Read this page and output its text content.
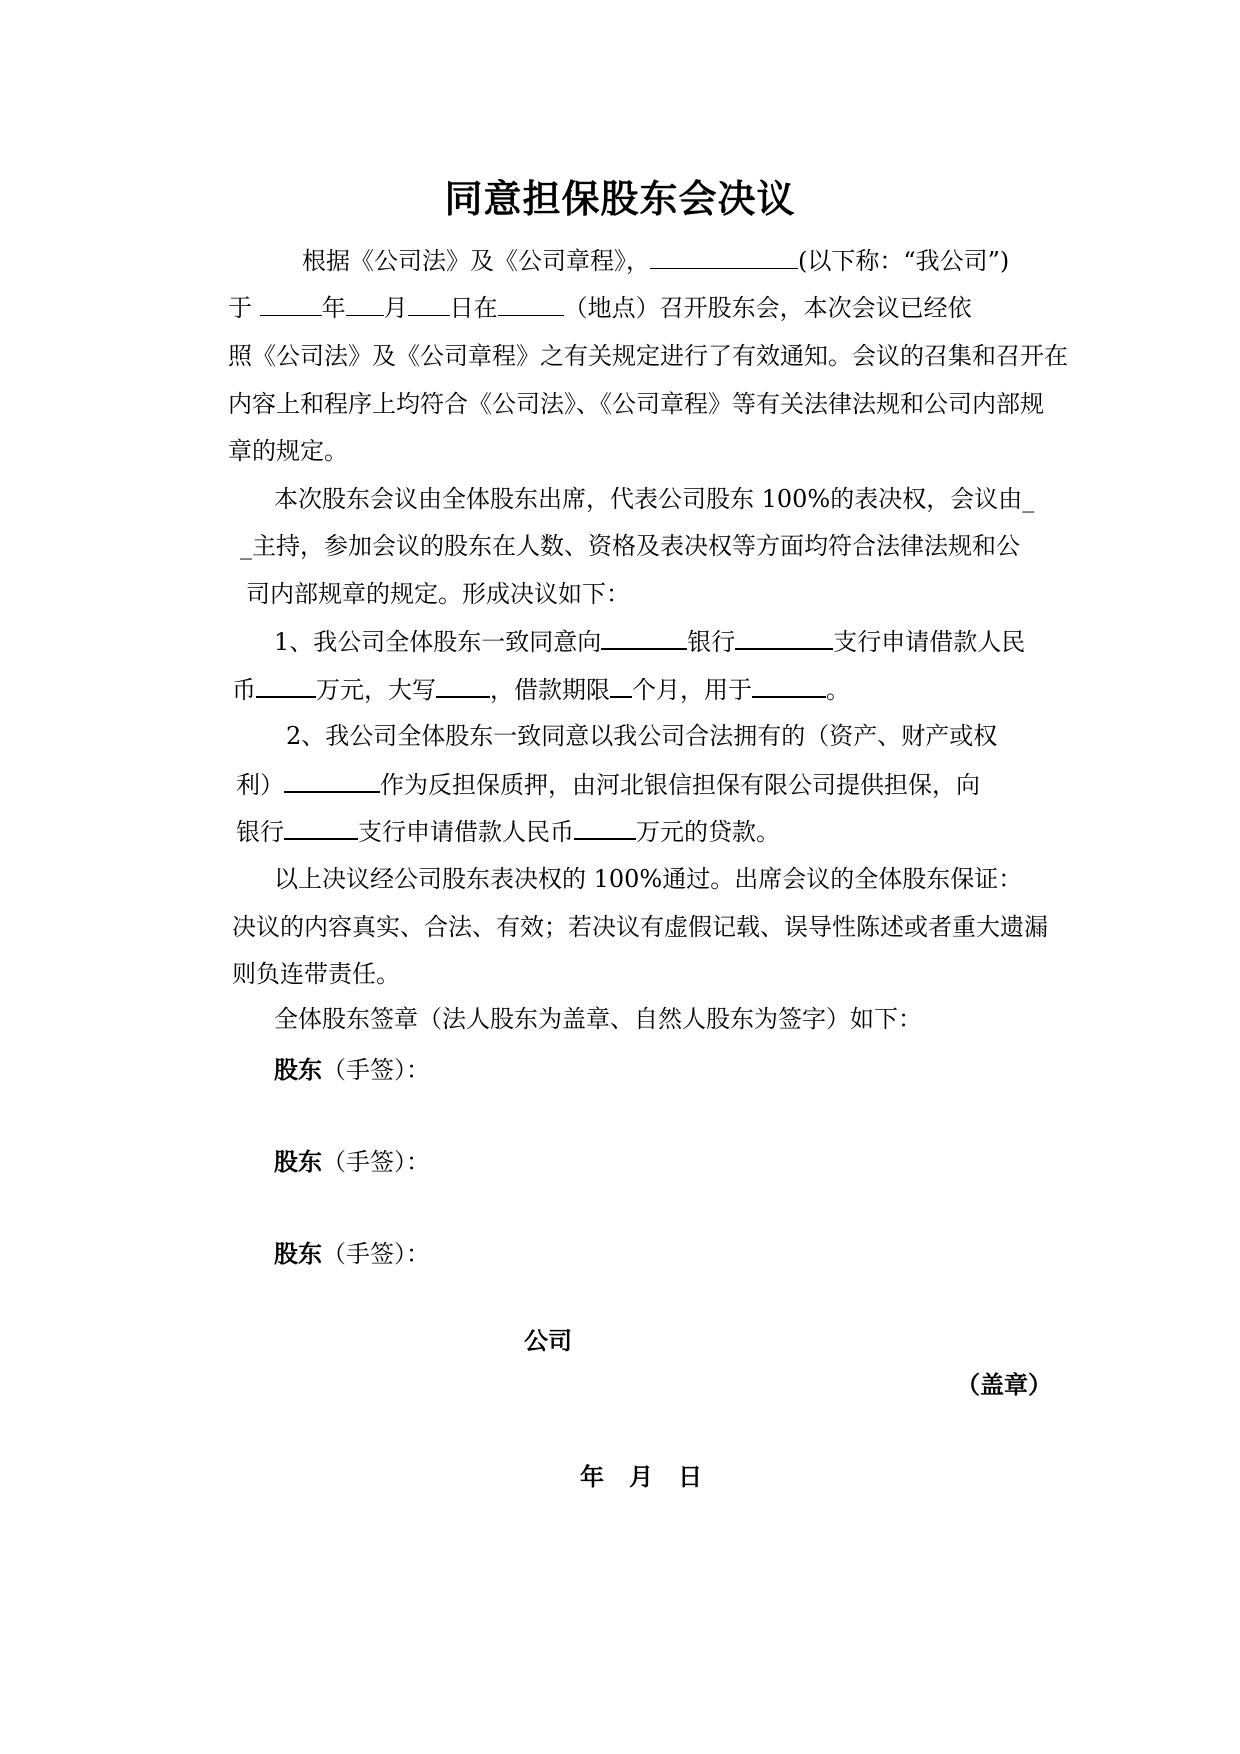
同意担保股东会决议
根据《公司法》及《公司章程》，	(以下称：“我公司”)
于	年 月 日在	（地点）召开股东会，本次会议已经依
照《公司法》及《公司章程》之有关规定进行了有效通知。会议的召集和召开在
内容上和程序上均符合《公司法》、《公司章程》等有关法律法规和公司内部规
章的规定。
本次股东会议由全体股东出席，代表公司股东 100%的表决权，会议由_
_主持，参加会议的股东在人数、资格及表决权等方面均符合法律法规和公
司内部规章的规定。形成决议如下：
1、我公司全体股东一致同意向	银行	支行申请借款人民
币	万元，大写 ，借款期限 个月，用于	。
2、我公司全体股东一致同意以我公司合法拥有的（资产、财产或权
利）	作为反担保质押，由河北银信担保有限公司提供担保，向
银行	支行申请借款人民币	万元的贷款。
以上决议经公司股东表决权的 100%通过。出席会议的全体股东保证：
决议的内容真实、合法、有效；若决议有虚假记载、误导性陈述或者重大遗漏
则负连带责任。
全体股东签章（法人股东为盖章、自然人股东为签字）如下：
股东（手签）：
股东（手签）：
股东（手签）：
公司
（盖章）
年   月   日
